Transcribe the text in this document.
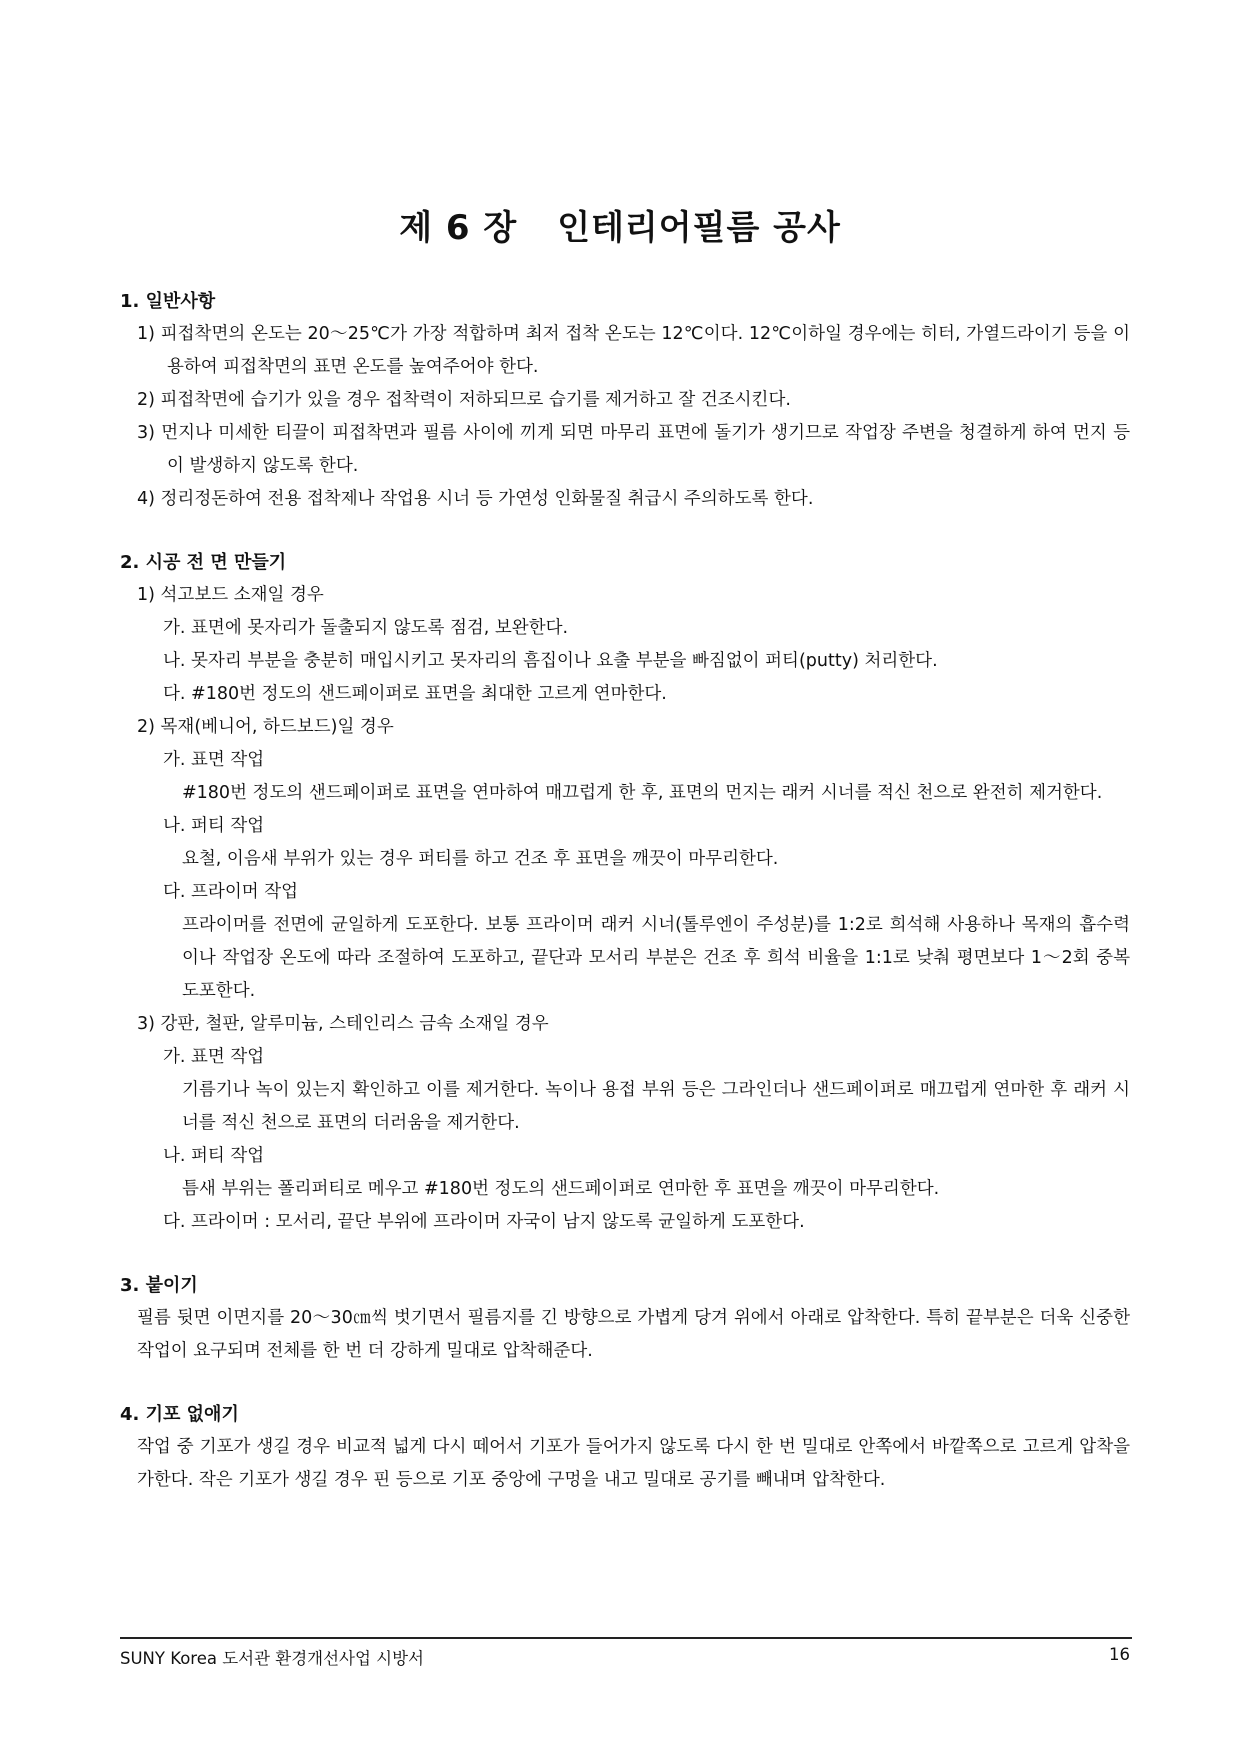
제 6 장 인테리어필름 공사
1. 일반사항
1) 피접착면의 온도는 20～25℃가 가장 적합하며 최저 접착 온도는 12℃이다. 12℃이하일 경우에는 히터, 가열드라이기 등을 이용하여 피접착면의 표면 온도를 높여주어야 한다.
2) 피접착면에 습기가 있을 경우 접착력이 저하되므로 습기를 제거하고 잘 건조시킨다.
3) 먼지나 미세한 티끌이 피접착면과 필름 사이에 끼게 되면 마무리 표면에 돌기가 생기므로 작업장 주변을 청결하게 하여 먼지 등이 발생하지 않도록 한다.
4) 정리정돈하여 전용 접착제나 작업용 시너 등 가연성 인화물질 취급시 주의하도록 한다.
2. 시공 전 면 만들기
1) 석고보드 소재일 경우
가. 표면에 못자리가 돌출되지 않도록 점검, 보완한다.
나. 못자리 부분을 충분히 매입시키고 못자리의 흠집이나 요출 부분을 빠짐없이 퍼티(putty) 처리한다.
다. #180번 정도의 샌드페이퍼로 표면을 최대한 고르게 연마한다.
2) 목재(베니어, 하드보드)일 경우
가. 표면 작업
#180번 정도의 샌드페이퍼로 표면을 연마하여 매끄럽게 한 후, 표면의 먼지는 래커 시너를 적신 천으로 완전히 제거한다.
나. 퍼티 작업
요철, 이음새 부위가 있는 경우 퍼티를 하고 건조 후 표면을 깨끗이 마무리한다.
다. 프라이머 작업
프라이머를 전면에 균일하게 도포한다. 보통 프라이머 래커 시너(톨루엔이 주성분)를 1:2로 희석해 사용하나 목재의 흡수력이나 작업장 온도에 따라 조절하여 도포하고, 끝단과 모서리 부분은 건조 후 희석 비율을 1:1로 낮춰 평면보다 1～2회 중복 도포한다.
3) 강판, 철판, 알루미늄, 스테인리스 금속 소재일 경우
가. 표면 작업
기름기나 녹이 있는지 확인하고 이를 제거한다. 녹이나 용접 부위 등은 그라인더나 샌드페이퍼로 매끄럽게 연마한 후 래커 시너를 적신 천으로 표면의 더러움을 제거한다.
나. 퍼티 작업
틈새 부위는 폴리퍼티로 메우고 #180번 정도의 샌드페이퍼로 연마한 후 표면을 깨끗이 마무리한다.
다. 프라이머 : 모서리, 끝단 부위에 프라이머 자국이 남지 않도록 균일하게 도포한다.
3. 붙이기
필름 뒷면 이면지를 20～30㎝씩 벗기면서 필름지를 긴 방향으로 가볍게 당겨 위에서 아래로 압착한다. 특히 끝부분은 더욱 신중한 작업이 요구되며 전체를 한 번 더 강하게 밀대로 압착해준다.
4. 기포 없애기
작업 중 기포가 생길 경우 비교적 넓게 다시 떼어서 기포가 들어가지 않도록 다시 한 번 밀대로 안쪽에서 바깥쪽으로 고르게 압착을 가한다. 작은 기포가 생길 경우 핀 등으로 기포 중앙에 구멍을 내고 밀대로 공기를 빼내며 압착한다.
SUNY Korea 도서관 환경개선사업 시방서	16
